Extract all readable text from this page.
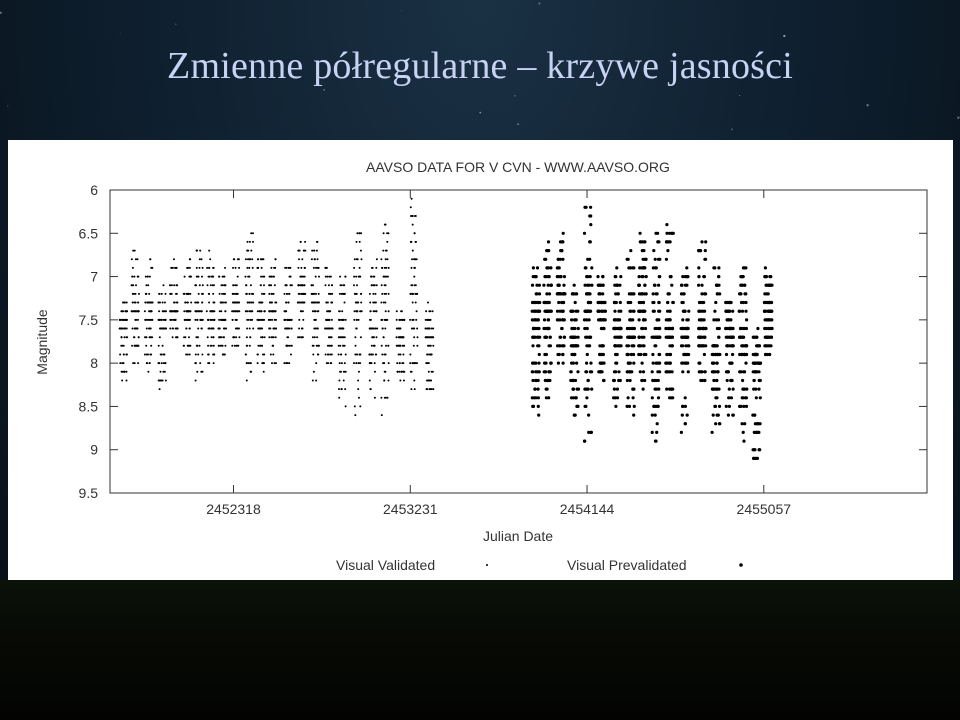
Zmienne półregularne – krzywe jasności
AAVSO DATA FOR V CVN - WWW.AAVSO.ORG
6
6.5
7
7.5
8
8.5
9
9.5
2452318	2453231	2454144	2455057
Julian Date
Magnitude
Visual Validated	Visual Prevalidated
